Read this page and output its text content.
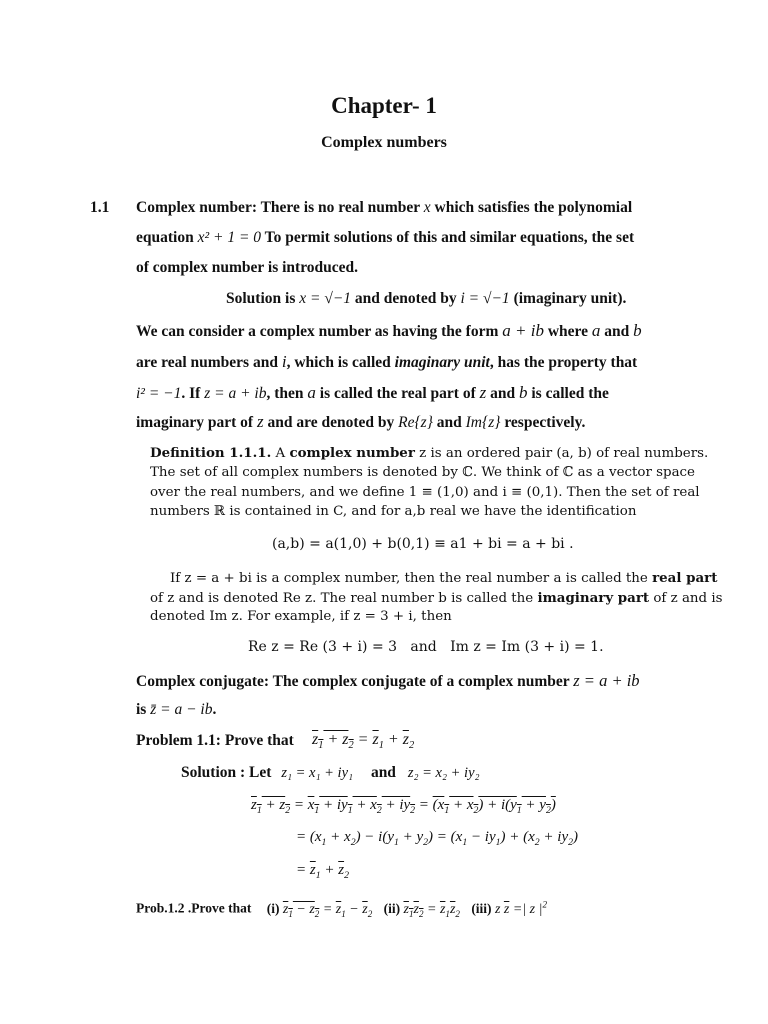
Chapter- 1
Complex numbers
1.1 Complex number: There is no real number x which satisfies the polynomial
equation x² + 1 = 0 To permit solutions of this and similar equations, the set
of complex number is introduced.
Solution is x = √−1 and denoted by i = √−1 (imaginary unit).
We can consider a complex number as having the form a + ib where a and b
are real numbers and i, which is called imaginary unit, has the property that
i² = −1. If z = a + ib, then a is called the real part of z and b is called the
imaginary part of z and are denoted by Re{z} and Im{z} respectively.
Definition 1.1.1. A complex number z is an ordered pair (a, b) of real numbers.
The set of all complex numbers is denoted by ℂ. We think of ℂ as a vector space
over the real numbers, and we define 1 ≡ (1,0) and i ≡ (0,1). Then the set of real
numbers ℝ is contained in C, and for a,b real we have the identification
(a,b) = a(1,0) + b(0,1) ≡ a1 + bi = a + bi .
If z = a + bi is a complex number, then the real number a is called the real part
of z and is denoted Re z. The real number b is called the imaginary part of z and is
denoted Im z. For example, if z = 3 + i, then
Re z = Re (3 + i) = 3 and Im z = Im (3 + i) = 1.
Complex conjugate: The complex conjugate of a complex number z = a + ib
is z̄ = a − ib.
Problem 1.1: Prove that $z_1 + z_2 = \overline{z}_1 + \overline{z}_2$
Solution : Let z₁ = x₁ + iy₁ and z₂ = x₂ + iy₂
$z_1 + z_2 = x_1 + iy_1 + x_2 + iy_2 = (x_1 + x_2) + i(y_1 + y_2)$
= $(x_1 + x_2) - i(y_1 + y_2) = (x_1 - iy_1) + (x_2 + iy_2)$
= $\overline{z}_1 + \overline{z}_2$
Prob.1.2 .Prove that (i) $z_1 - z_2 = \overline{z}_1 - \overline{z}_2$ (ii) $z_1z_2 = \overline{z}_1\overline{z}_2$ (iii) z $\overline{z}$ =| z $|^2$
